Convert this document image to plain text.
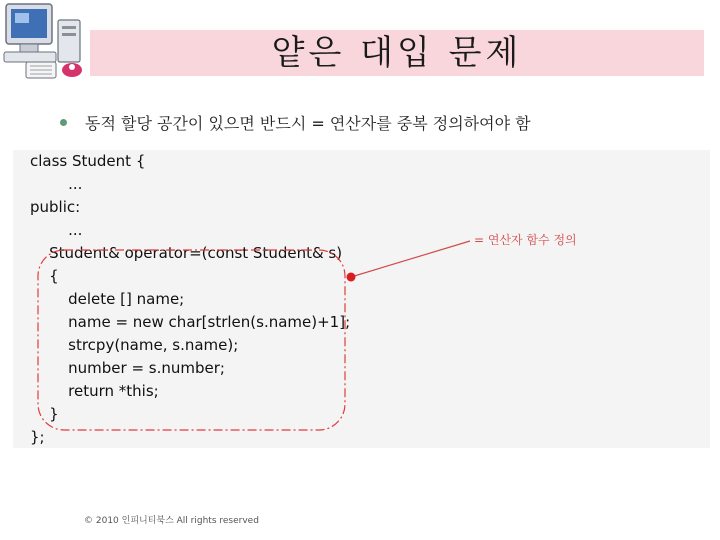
얕은 대입 문제
동적 할당 공간이 있으면 반드시 = 연산자를 중복 정의하여야 함
class Student {
...
public:
...
Student& operator=(const Student& s)
{
delete [] name;
name = new char[strlen(s.name)+1];
strcpy(name, s.name);
number = s.number;
return *this;
}
};
= 연산자 함수 정의
© 2010 인피니티북스 All rights reserved
